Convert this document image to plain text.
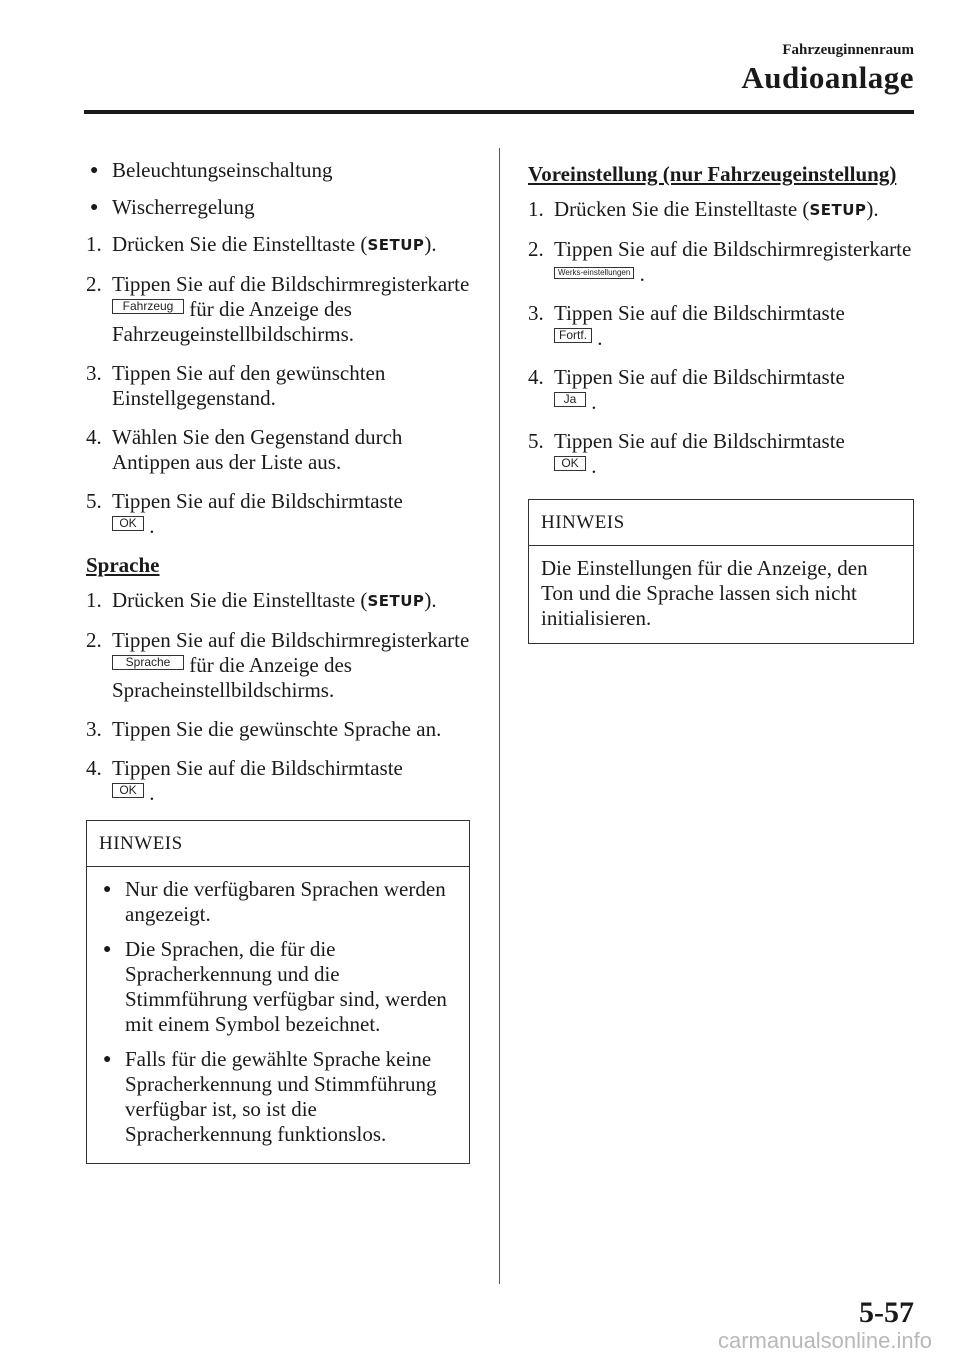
Fahrzeuginnenraum
Audioanlage
● Beleuchtungseinschaltung
● Wischerregelung
1. Drücken Sie die Einstelltaste (SETUP).
2. Tippen Sie auf die Bildschirmregisterkarte Fahrzeug für die Anzeige des Fahrzeugeinstellbildschirms.
3. Tippen Sie auf den gewünschten Einstellgegenstand.
4. Wählen Sie den Gegenstand durch Antippen aus der Liste aus.
5. Tippen Sie auf die Bildschirmtaste
OK .
Sprache
1. Drücken Sie die Einstelltaste (SETUP).
2. Tippen Sie auf die Bildschirmregisterkarte Sprache für die Anzeige des Spracheinstellbildschirms.
3. Tippen Sie die gewünschte Sprache an.
4. Tippen Sie auf die Bildschirmtaste
OK .
HINWEIS
● Nur die verfügbaren Sprachen werden angezeigt.
● Die Sprachen, die für die Spracherkennung und die Stimmführung verfügbar sind, werden mit einem Symbol bezeichnet.
● Falls für die gewählte Sprache keine Spracherkennung und Stimmführung verfügbar ist, so ist die Spracherkennung funktionslos.
Voreinstellung (nur Fahrzeugeinstellung)
1. Drücken Sie die Einstelltaste (SETUP).
2. Tippen Sie auf die Bildschirmregisterkarte Werks-einstellungen .
3. Tippen Sie auf die Bildschirmtaste
Fortf. .
4. Tippen Sie auf die Bildschirmtaste
Ja .
5. Tippen Sie auf die Bildschirmtaste
OK .
HINWEIS
Die Einstellungen für die Anzeige, den Ton und die Sprache lassen sich nicht initialisieren.
5-57
carmanualsonline.info
